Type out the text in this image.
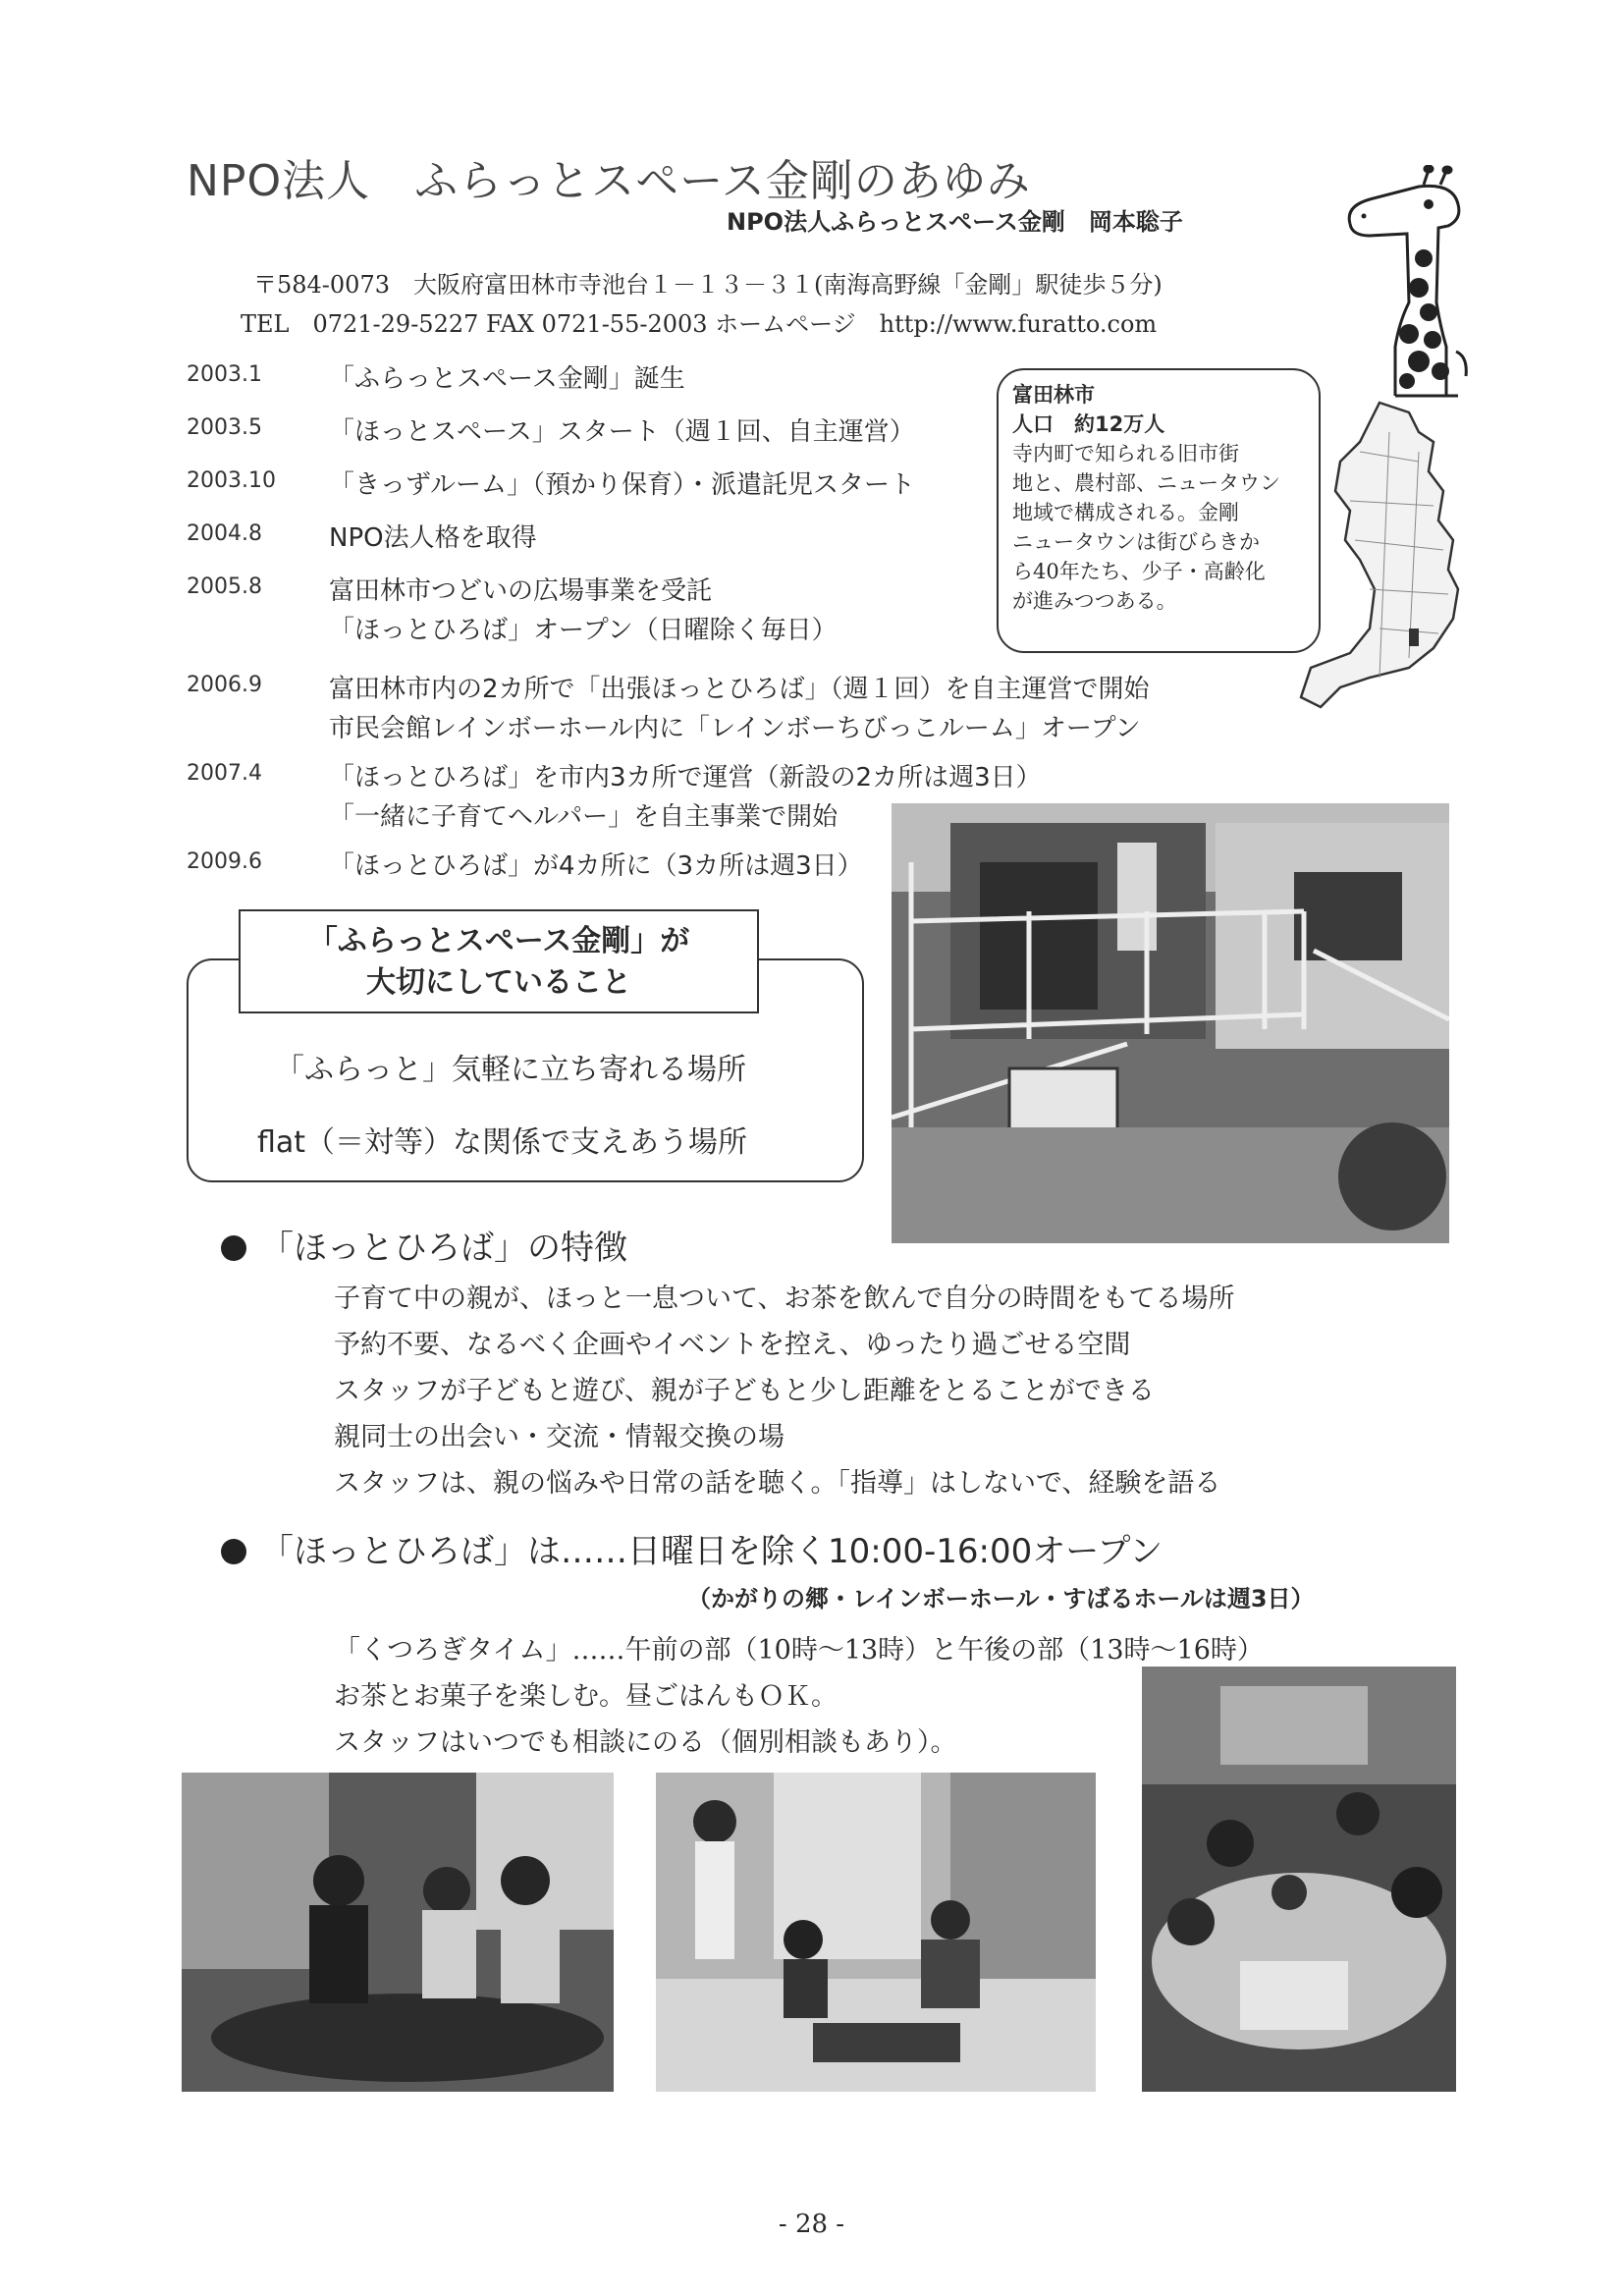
NPO法人　ふらっとスペース金剛のあゆみ
NPO法人ふらっとスペース金剛　岡本聡子
〒584-0073　大阪府富田林市寺池台１－１３－３１(南海高野線「金剛」駅徒歩５分)
TEL　0721-29-5227 FAX 0721-55-2003 ホームページ　http://www.furatto.com
2003.1	「ふらっとスペース金剛」誕生
2003.5	「ほっとスペース」スタート（週１回、自主運営）
2003.10 「きっずルーム」（預かり保育）・派遣託児スタート
2004.8	NPO法人格を取得
2005.8	富田林市つどいの広場事業を受託
「ほっとひろば」オープン（日曜除く毎日）
2006.9	富田林市内の2カ所で「出張ほっとひろば」（週１回）を自主運営で開始
市民会館レインボーホール内に「レインボーちびっこルーム」オープン
2007.4	「ほっとひろば」を市内3カ所で運営（新設の2カ所は週3日）
「一緒に子育てヘルパー」を自主事業で開始
2009.6	「ほっとひろば」が4カ所に（3カ所は週3日）
富田林市
人口　約12万人
寺内町で知られる旧市街
地と、農村部、ニュータウン
地域で構成される。金剛
ニュータウンは街びらきか
ら40年たち、少子・高齢化
が進みつつある。
「ふらっとスペース金剛」が
大切にしていること
「ふらっと」気軽に立ち寄れる場所
flat（＝対等）な関係で支えあう場所
「ほっとひろば」の特徴
子育て中の親が、ほっと一息ついて、お茶を飲んで自分の時間をもてる場所
予約不要、なるべく企画やイベントを控え、ゆったり過ごせる空間
スタッフが子どもと遊び、親が子どもと少し距離をとることができる
親同士の出会い・交流・情報交換の場
スタッフは、親の悩みや日常の話を聴く。「指導」はしないで、経験を語る
「ほっとひろば」は……日曜日を除く10:00-16:00オープン
（かがりの郷・レインボーホール・すばるホールは週3日）
「くつろぎタイム」……午前の部（10時～13時）と午後の部（13時～16時）
お茶とお菓子を楽しむ。昼ごはんもＯＫ。
スタッフはいつでも相談にのる（個別相談もあり）。
- 28 -
